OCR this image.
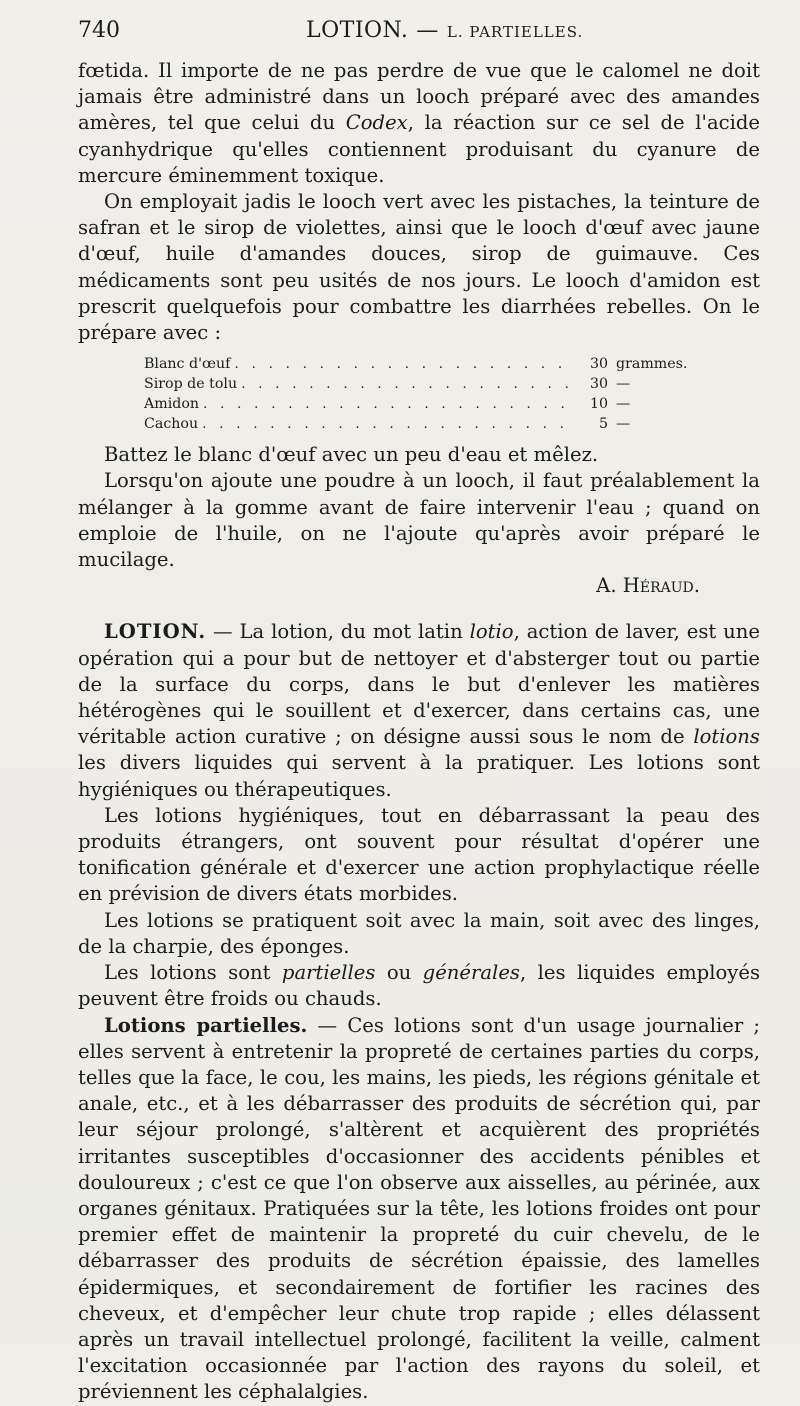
740	LOTION. — L. PARTIELLES.

fœtida. Il importe de ne pas perdre de vue que le calomel ne doit jamais être administré dans un looch préparé avec des amandes amères, tel que celui du Codex, la réaction sur ce sel de l'acide cyanhydrique qu'elles contiennent produisant du cyanure de mercure éminemment toxique.

On employait jadis le looch vert avec les pistaches, la teinture de safran et le sirop de violettes, ainsi que le looch d'œuf avec jaune d'œuf, huile d'amandes douces, sirop de guimauve. Ces médicaments sont peu usités de nos jours. Le looch d'amidon est prescrit quelquefois pour combattre les diarrhées rebelles. On le prépare avec :

Blanc d'œuf . . .	30 grammes.
Sirop de tolu . . .	30 —
Amidon . . .	10 —
Cachou . . .	5 —

Battez le blanc d'œuf avec un peu d'eau et mêlez.

Lorsqu'on ajoute une poudre à un looch, il faut préalablement la mélanger à la gomme avant de faire intervenir l'eau ; quand on emploie de l'huile, on ne l'ajoute qu'après avoir préparé le mucilage.

A. Héraud.

LOTION. — La lotion, du mot latin lotio, action de laver, est une opération qui a pour but de nettoyer et d'absterger tout ou partie de la surface du corps, dans le but d'enlever les matières hétérogènes qui le souillent et d'exercer, dans certains cas, une véritable action curative ; on désigne aussi sous le nom de lotions les divers liquides qui servent à la pratiquer. Les lotions sont hygiéniques ou thérapeutiques.

Les lotions hygiéniques, tout en débarrassant la peau des produits étrangers, ont souvent pour résultat d'opérer une tonification générale et d'exercer une action prophylactique réelle en prévision de divers états morbides.

Les lotions se pratiquent soit avec la main, soit avec des linges, de la charpie, des éponges.

Les lotions sont partielles ou générales, les liquides employés peuvent être froids ou chauds.

Lotions partielles. — Ces lotions sont d'un usage journalier ; elles servent à entretenir la propreté de certaines parties du corps, telles que la face, le cou, les mains, les pieds, les régions génitale et anale, etc., et à les débarrasser des produits de sécrétion qui, par leur séjour prolongé, s'altèrent et acquièrent des propriétés irritantes susceptibles d'occasionner des accidents pénibles et douloureux ; c'est ce que l'on observe aux aisselles, au périnée, aux organes génitaux. Pratiquées sur la tête, les lotions froides ont pour premier effet de maintenir la propreté du cuir chevelu, de le débarrasser des produits de sécrétion épaissie, des lamelles épidermiques, et secondairement de fortifier les racines des cheveux, et d'empêcher leur chute trop rapide ; elles délassent après un travail intellectuel prolongé, facilitent la veille, calment l'excitation occasionnée par l'action des rayons du soleil, et préviennent les céphalalgies.
